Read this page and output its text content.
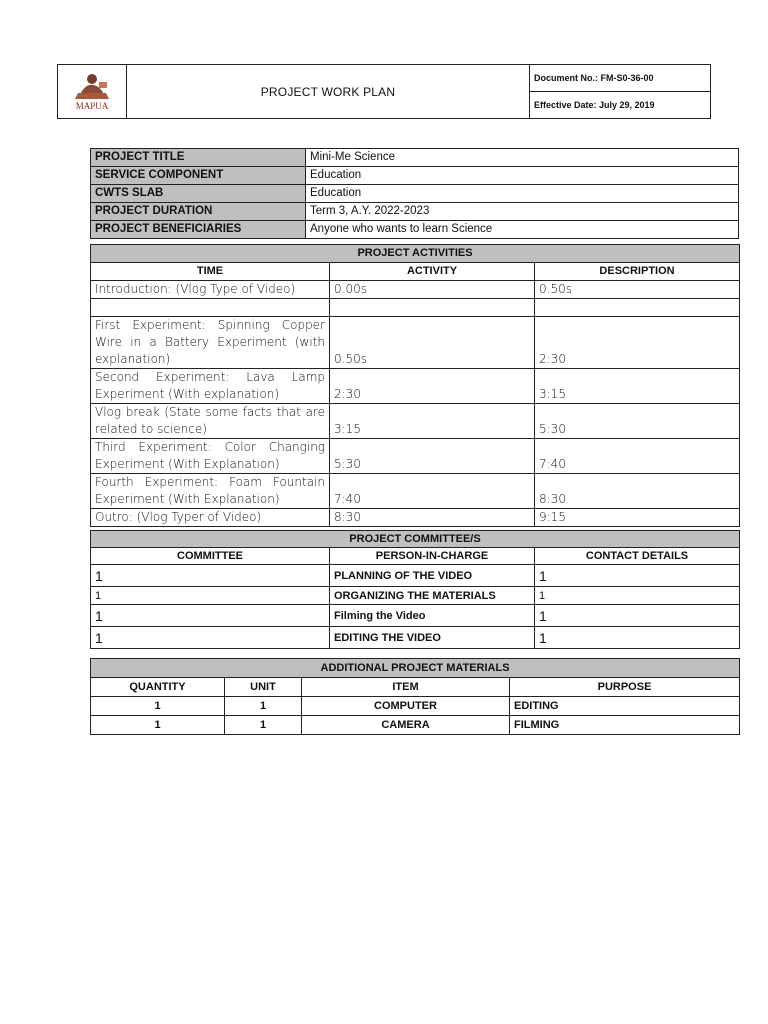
MAPUA
	PROJECT WORK PLAN	Document No.: FM-S0-36-00
Effective Date: July 29, 2019
PROJECT TITLE	Mini-Me Science
SERVICE COMPONENT	Education
CWTS SLAB	Education
PROJECT DURATION	Term 3, A.Y. 2022-2023
PROJECT BENEFICIARIES	Anyone who wants to learn Science
PROJECT ACTIVITIES		
TIME	ACTIVITY	DESCRIPTION
Introduction: (Vlog Type of Video)	0.00s	0.50s

First Experiment: Spinning Copper Wire in a Battery Experiment (with explanation)	0.50s	2:30
Second Experiment: Lava Lamp Experiment (With explanation)	2:30	3:15
Vlog break (State some facts that are related to science)	3:15	5:30
Third Experiment: Color Changing Experiment (With Explanation)	5:30	7:40
Fourth Experiment: Foam Fountain Experiment (With Explanation)	7:40	8:30
Outro: (Vlog Typer of Video)	8:30	9:15
PROJECT COMMITTEE/S		
COMMITTEE	PERSON-IN-CHARGE	CONTACT DETAILS
1	PLANNING OF THE VIDEO	1
1	ORGANIZING THE MATERIALS	1
1	Filming the Video	1
1	EDITING THE VIDEO	1
ADDITIONAL PROJECT MATERIALS			
QUANTITY	UNIT	ITEM	PURPOSE
1	1	COMPUTER	EDITING
1	1	CAMERA	FILMING
